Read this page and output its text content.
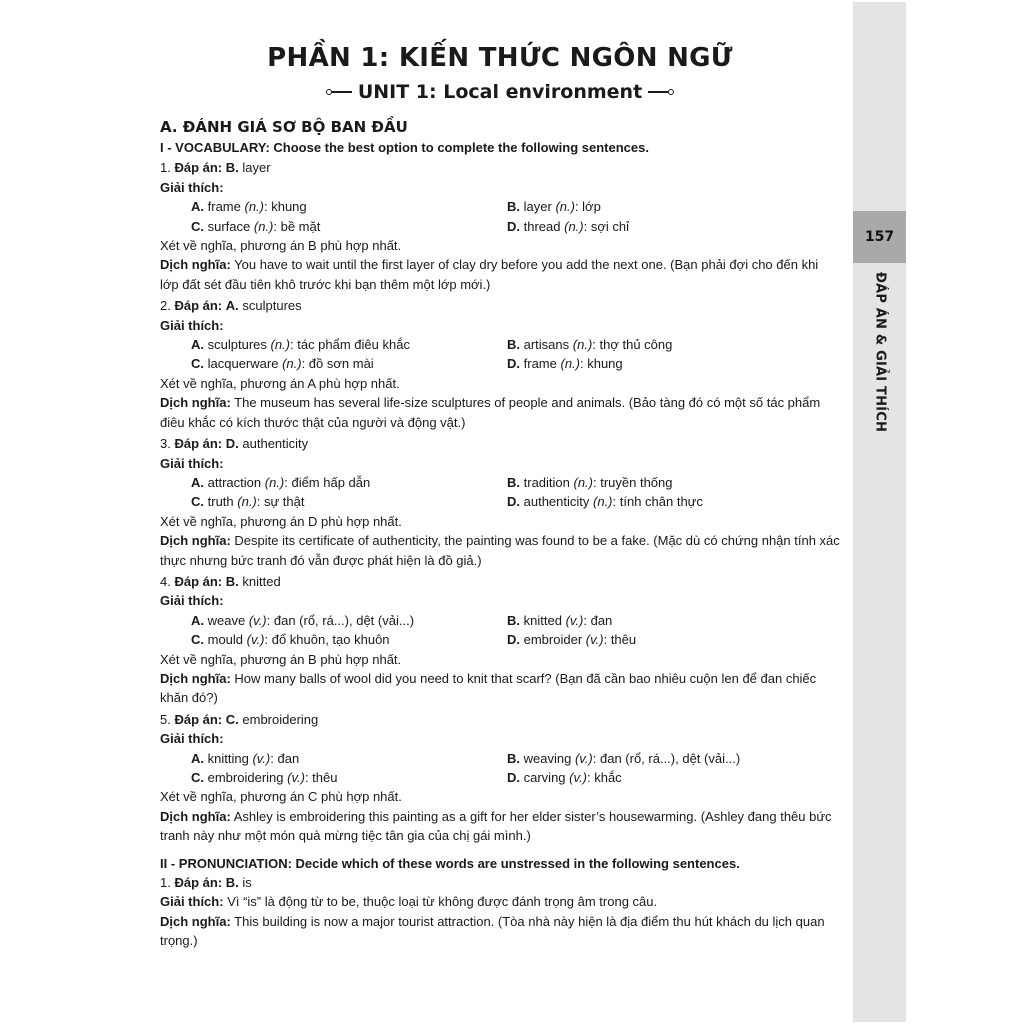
157
ĐÁP ÁN & GIẢI THÍCH
PHẦN 1: KIẾN THỨC NGÔN NGỮ
UNIT 1: Local environment
A. ĐÁNH GIÁ SƠ BỘ BAN ĐẦU
I - VOCABULARY: Choose the best option to complete the following sentences.
1. Đáp án: B. layer
Giải thích:
A. frame (n.): khung	B. layer (n.): lớp
C. surface (n.): bề mặt	D. thread (n.): sợi chỉ
Xét về nghĩa, phương án B phù hợp nhất.
Dịch nghĩa: You have to wait until the first layer of clay dry before you add the next one. (Bạn phải đợi cho đến khi lớp đất sét đầu tiên khô trước khi bạn thêm một lớp mới.)
2. Đáp án: A. sculptures
Giải thích:
A. sculptures (n.): tác phẩm điêu khắc	B. artisans (n.): thợ thủ công
C. lacquerware (n.): đồ sơn mài	D. frame (n.): khung
Xét về nghĩa, phương án A phù hợp nhất.
Dịch nghĩa: The museum has several life-size sculptures of people and animals. (Bảo tàng đó có một số tác phẩm điêu khắc có kích thước thật của người và động vật.)
3. Đáp án: D. authenticity
Giải thích:
A. attraction (n.): điểm hấp dẫn	B. tradition (n.): truyền thống
C. truth (n.): sự thật	D. authenticity (n.): tính chân thực
Xét về nghĩa, phương án D phù hợp nhất.
Dịch nghĩa: Despite its certificate of authenticity, the painting was found to be a fake. (Mặc dù có chứng nhận tính xác thực nhưng bức tranh đó vẫn được phát hiện là đồ giả.)
4. Đáp án: B. knitted
Giải thích:
A. weave (v.): đan (rổ, rá...), dệt (vải...)	B. knitted (v.): đan
C. mould (v.): đổ khuôn, tạo khuôn	D. embroider (v.): thêu
Xét về nghĩa, phương án B phù hợp nhất.
Dịch nghĩa: How many balls of wool did you need to knit that scarf? (Bạn đã cần bao nhiêu cuộn len để đan chiếc khăn đó?)
5. Đáp án: C. embroidering
Giải thích:
A. knitting (v.): đan	B. weaving (v.): đan (rổ, rá...), dệt (vải...)
C. embroidering (v.): thêu	D. carving (v.): khắc
Xét về nghĩa, phương án C phù hợp nhất.
Dịch nghĩa: Ashley is embroidering this painting as a gift for her elder sister’s housewarming. (Ashley đang thêu bức tranh này như một món quà mừng tiệc tân gia của chị gái mình.)
II - PRONUNCIATION: Decide which of these words are unstressed in the following sentences.
1. Đáp án: B. is
Giải thích: Vì “is” là động từ to be, thuộc loại từ không được đánh trọng âm trong câu.
Dịch nghĩa: This building is now a major tourist attraction. (Tòa nhà này hiện là địa điểm thu hút khách du lịch quan trọng.)
